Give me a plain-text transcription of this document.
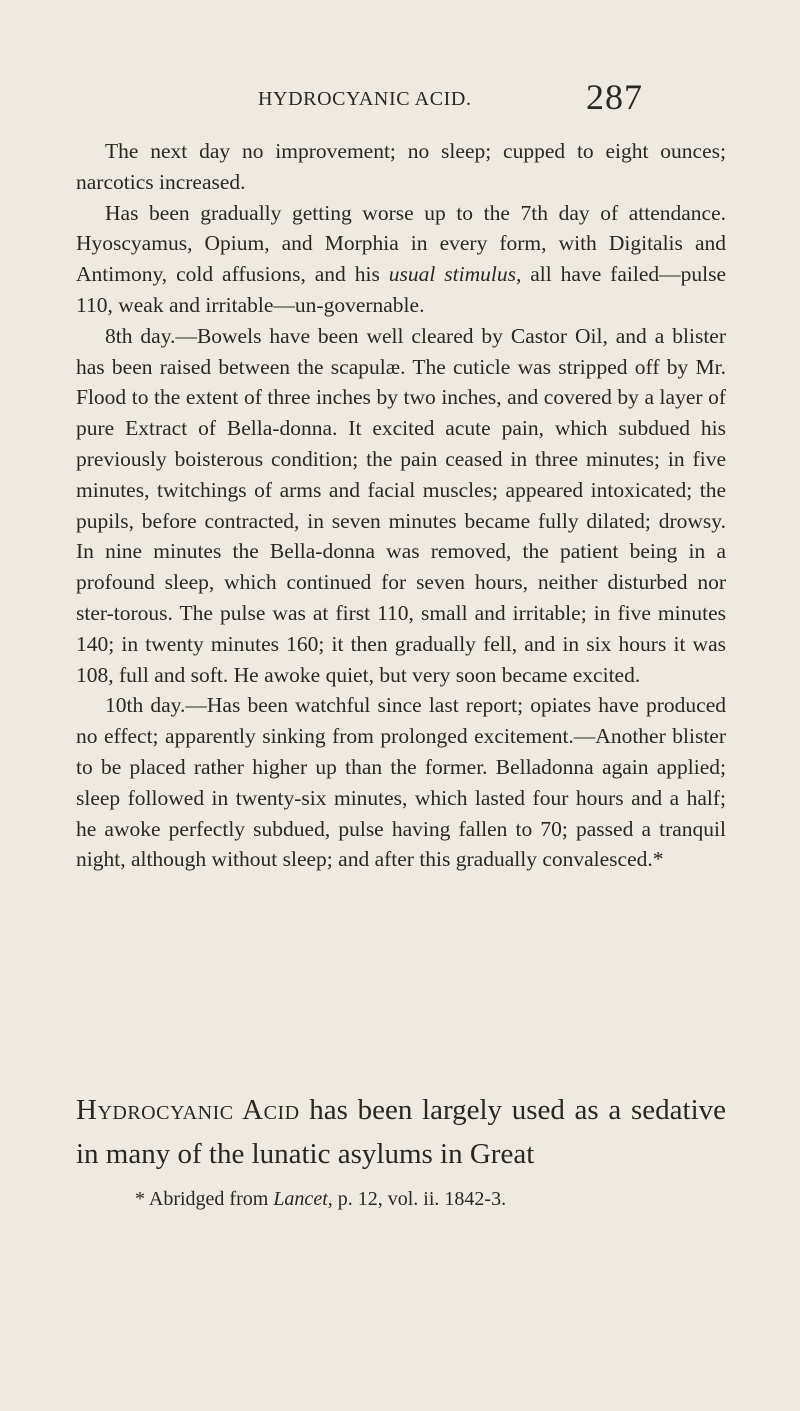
HYDROCYANIC ACID.	287

The next day no improvement; no sleep; cupped to eight ounces; narcotics increased.

Has been gradually getting worse up to the 7th day of attendance. Hyoscyamus, Opium, and Morphia in every form, with Digitalis and Antimony, cold affusions, and his usual stimulus, all have failed—pulse 110, weak and irritable—un-governable.

8th day.—Bowels have been well cleared by Castor Oil, and a blister has been raised between the scapulæ. The cuticle was stripped off by Mr. Flood to the extent of three inches by two inches, and covered by a layer of pure Extract of Bella-donna. It excited acute pain, which subdued his previously boisterous condition; the pain ceased in three minutes; in five minutes, twitchings of arms and facial muscles; appeared intoxicated; the pupils, before contracted, in seven minutes became fully dilated; drowsy. In nine minutes the Bella-donna was removed, the patient being in a profound sleep, which continued for seven hours, neither disturbed nor ster-torous. The pulse was at first 110, small and irritable; in five minutes 140; in twenty minutes 160; it then gradually fell, and in six hours it was 108, full and soft. He awoke quiet, but very soon became excited.

10th day.—Has been watchful since last report; opiates have produced no effect; apparently sinking from prolonged excitement.—Another blister to be placed rather higher up than the former. Belladonna again applied; sleep followed in twenty-six minutes, which lasted four hours and a half; he awoke perfectly subdued, pulse having fallen to 70; passed a tranquil night, although without sleep; and after this gradually convalesced.*

Hydrocyanic Acid has been largely used as a sedative in many of the lunatic asylums in Great

* Abridged from Lancet, p. 12, vol. ii. 1842-3.
